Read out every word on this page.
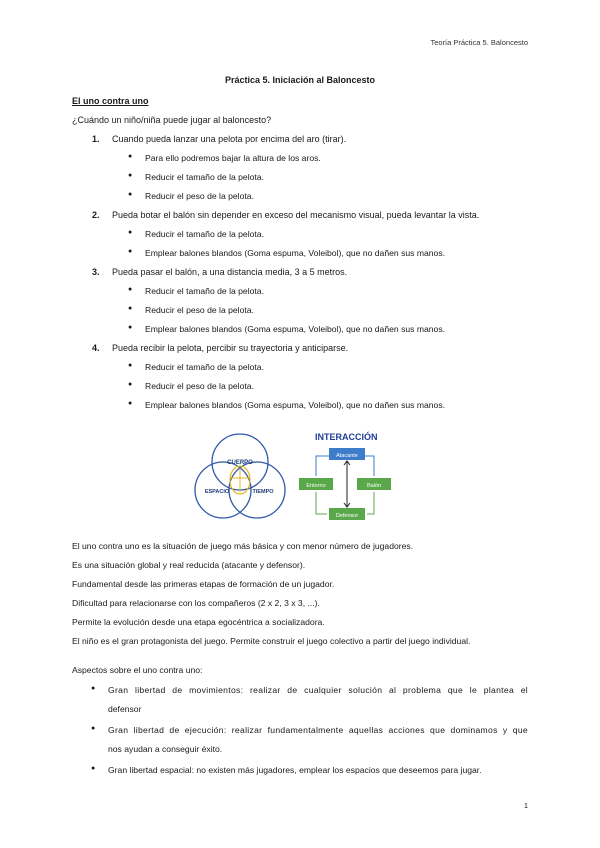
Teoría Práctica 5. Baloncesto
Práctica 5. Iniciación al Baloncesto
El uno contra uno
¿Cuándo un niño/niña puede jugar al baloncesto?
1. Cuando pueda lanzar una pelota por encima del aro (tirar).
● Para ello podremos bajar la altura de los aros.
● Reducir el tamaño de la pelota.
● Reducir el peso de la pelota.
2. Pueda botar el balón sin depender en exceso del mecanismo visual, pueda levantar la vista.
● Reducir el tamaño de la pelota.
● Emplear balones blandos (Goma espuma, Voleibol), que no dañen sus manos.
3. Pueda pasar el balón, a una distancia media, 3 a 5 metros.
● Reducir el tamaño de la pelota.
● Reducir el peso de la pelota.
● Emplear balones blandos (Goma espuma, Voleibol), que no dañen sus manos.
4. Pueda recibir la pelota, percibir su trayectoria y anticiparse.
● Reducir el tamaño de la pelota.
● Reducir el peso de la pelota.
● Emplear balones blandos (Goma espuma, Voleibol), que no dañen sus manos.
CUERPO
ESPACIO	TIEMPO
INTERACCIÓN
Atacante
Entorno	Balón
Defensor
El uno contra uno es la situación de juego más básica y con menor número de jugadores.
Es una situación global y real reducida (atacante y defensor).
Fundamental desde las primeras etapas de formación de un jugador.
Dificultad para relacionarse con los compañeros (2 x 2, 3 x 3, ...).
Permite la evolución desde una etapa egocéntrica a socializadora.
El niño es el gran protagonista del juego. Permite construir el juego colectivo a partir del juego individual.
Aspectos sobre el uno contra uno:
● Gran libertad de movimientos: realizar de cualquier solución al problema que le plantea el
defensor
● Gran libertad de ejecución: realizar fundamentalmente aquellas acciones que dominamos y que
nos ayudan a conseguir éxito.
● Gran libertad espacial: no existen más jugadores, emplear los espacios que deseemos para jugar.
1
